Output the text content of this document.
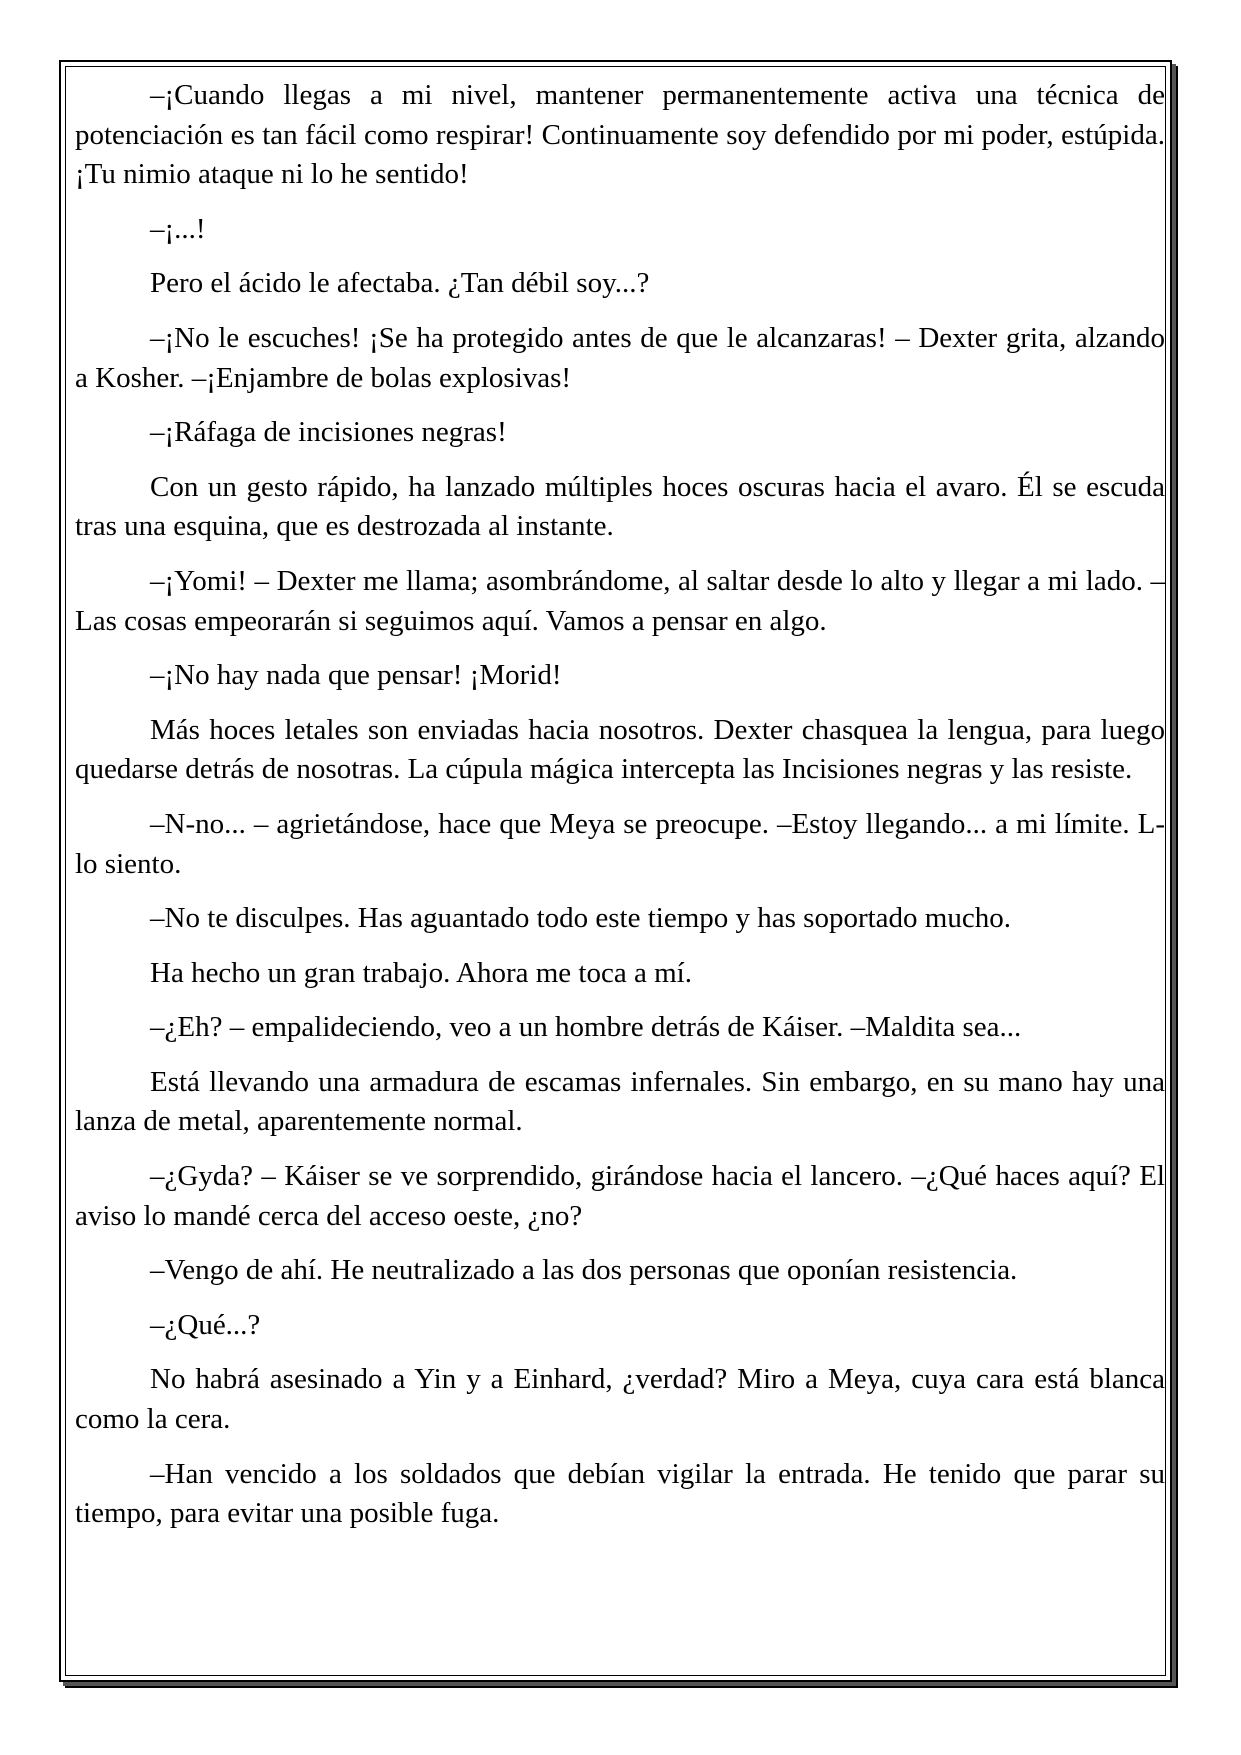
–¡Cuando llegas a mi nivel, mantener permanentemente activa una técnica de potenciación es tan fácil como respirar! Continuamente soy defendido por mi poder, estúpida. ¡Tu nimio ataque ni lo he sentido!

–¡...!

Pero el ácido le afectaba. ¿Tan débil soy...?

–¡No le escuches! ¡Se ha protegido antes de que le alcanzaras! – Dexter grita, alzando a Kosher. –¡Enjambre de bolas explosivas!

–¡Ráfaga de incisiones negras!

Con un gesto rápido, ha lanzado múltiples hoces oscuras hacia el avaro. Él se escuda tras una esquina, que es destrozada al instante.

–¡Yomi! – Dexter me llama; asombrándome, al saltar desde lo alto y llegar a mi lado. –Las cosas empeorarán si seguimos aquí. Vamos a pensar en algo.

–¡No hay nada que pensar! ¡Morid!

Más hoces letales son enviadas hacia nosotros. Dexter chasquea la lengua, para luego quedarse detrás de nosotras. La cúpula mágica intercepta las Incisiones negras y las resiste.

–N-no... – agrietándose, hace que Meya se preocupe. –Estoy llegando... a mi límite. L-lo siento.

–No te disculpes. Has aguantado todo este tiempo y has soportado mucho.

Ha hecho un gran trabajo. Ahora me toca a mí.

–¿Eh? – empalideciendo, veo a un hombre detrás de Káiser. –Maldita sea...

Está llevando una armadura de escamas infernales. Sin embargo, en su mano hay una lanza de metal, aparentemente normal.

–¿Gyda? – Káiser se ve sorprendido, girándose hacia el lancero. –¿Qué haces aquí? El aviso lo mandé cerca del acceso oeste, ¿no?

–Vengo de ahí. He neutralizado a las dos personas que oponían resistencia.

–¿Qué...?

No habrá asesinado a Yin y a Einhard, ¿verdad? Miro a Meya, cuya cara está blanca como la cera.

–Han vencido a los soldados que debían vigilar la entrada. He tenido que parar su tiempo, para evitar una posible fuga.
